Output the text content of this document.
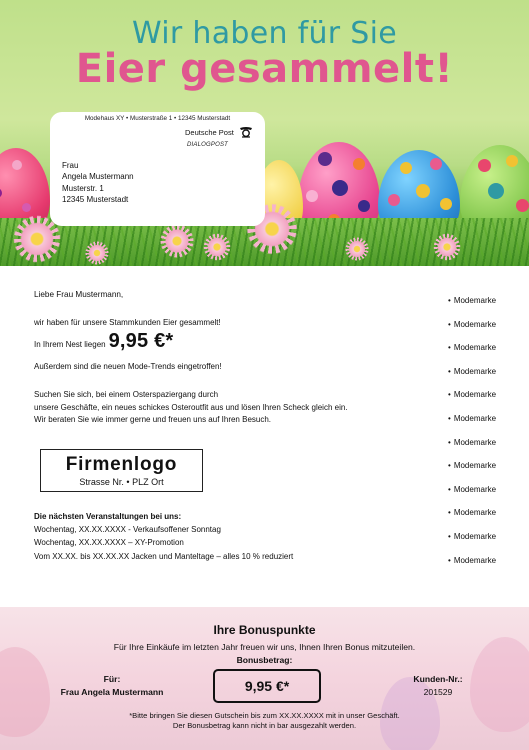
Wir haben für Sie
Eier gesammelt!
Modehaus XY • Musterstraße 1 • 12345 Musterstadt
Deutsche Post
DIALOGPOST
Frau
Angela Mustermann
Musterstr. 1
12345 Musterstadt
Liebe Frau Mustermann,
wir haben für unsere Stammkunden Eier gesammelt!
In Ihrem Nest liegen 9,95 €*
Außerdem sind die neuen Mode-Trends eingetroffen!
Suchen Sie sich, bei einem Osterspaziergang durch
unsere Geschäfte, ein neues schickes Osteroutfit aus und lösen Ihren Scheck gleich ein.
Wir beraten Sie wie immer gerne und freuen uns auf Ihren Besuch.
Firmenlogo
Strasse Nr. • PLZ Ort
Die nächsten Veranstaltungen bei uns:
Wochentag, XX.XX.XXXX - Verkaufsoffener Sonntag
Wochentag, XX.XX.XXXX – XY-Promotion
Vom XX.XX. bis XX.XX.XX Jacken und Manteltage – alles 10 % reduziert
• Modemarke
• Modemarke
• Modemarke
• Modemarke
• Modemarke
• Modemarke
• Modemarke
• Modemarke
• Modemarke
• Modemarke
• Modemarke
• Modemarke
Ihre Bonuspunkte
Für Ihre Einkäufe im letzten Jahr freuen wir uns, Ihnen Ihren Bonus mitzuteilen.
Bonusbetrag:
Für:
Frau Angela Mustermann	9,95 €*	Kunden-Nr.:
201529
*Bitte bringen Sie diesen Gutschein bis zum XX.XX.XXXX mit in unser Geschäft.
Der Bonusbetrag kann nicht in bar ausgezahlt werden.
